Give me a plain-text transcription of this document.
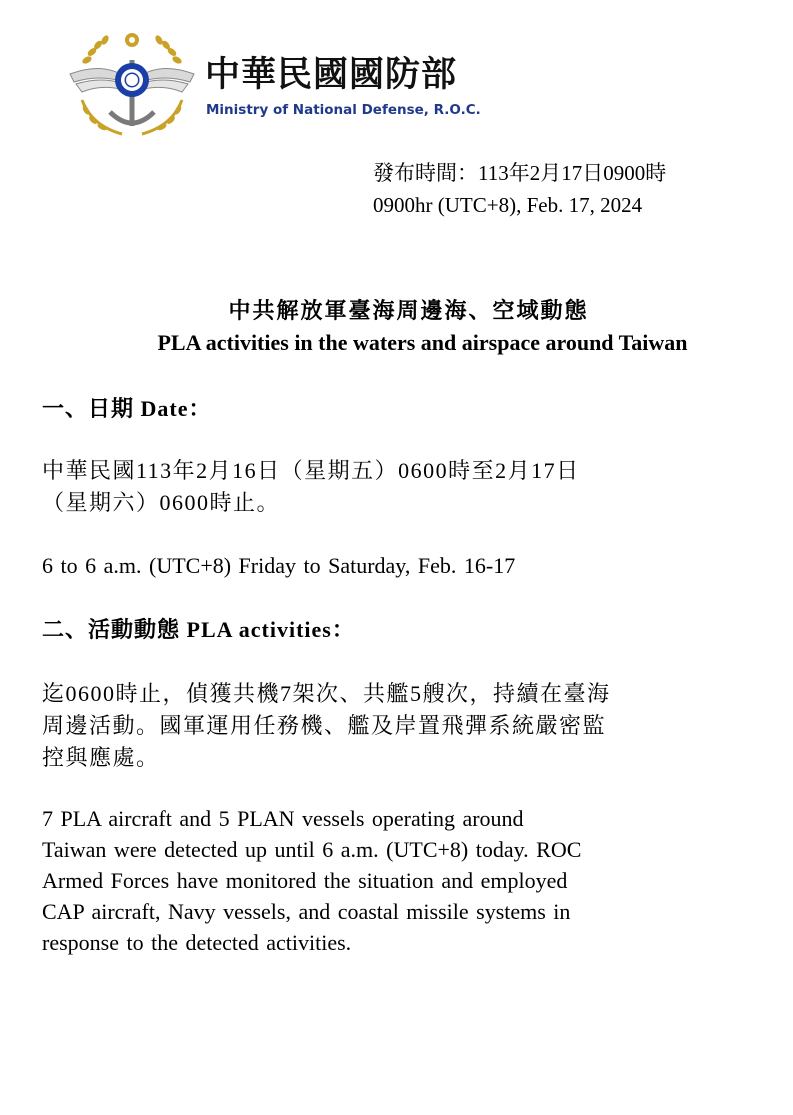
中華民國國防部
Ministry of National Defense, R.O.C.
發布時間：113年2月17日0900時
0900hr (UTC+8), Feb. 17, 2024
中共解放軍臺海周邊海、空域動態
PLA activities in the waters and airspace around Taiwan
一、日期 Date：
中華民國113年2月16日（星期五）0600時至2月17日
（星期六）0600時止。
6 to 6 a.m. (UTC+8) Friday to Saturday, Feb. 16-17
二、活動動態 PLA activities：
迄0600時止，偵獲共機7架次、共艦5艘次，持續在臺海
周邊活動。國軍運用任務機、艦及岸置飛彈系統嚴密監
控與應處。
7 PLA aircraft and 5 PLAN vessels operating around
Taiwan were detected up until 6 a.m. (UTC+8) today. ROC
Armed Forces have monitored the situation and employed
CAP aircraft, Navy vessels, and coastal missile systems in
response to the detected activities.
